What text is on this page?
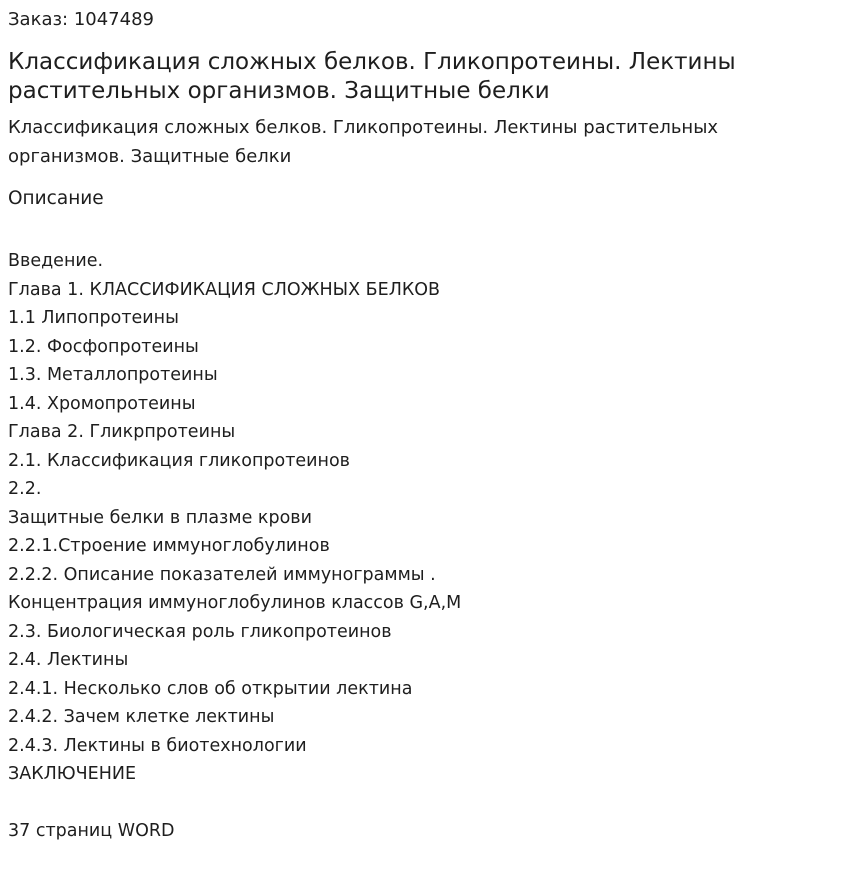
Заказ: 1047489
Классификация сложных белков. Гликопротеины. Лектины растительных организмов. Защитные белки

Классификация сложных белков. Гликопротеины. Лектины растительных организмов. Защитные белки

Описание
Введение.
Глава 1. КЛАССИФИКАЦИЯ СЛОЖНЫХ БЕЛКОВ
1.1 Липопротеины
1.2. Фосфопротеины
1.3. Металлопротеины
1.4. Хромопротеины
Глава 2. Гликрпротеины
2.1. Классификация гликопротеинов
2.2.
Защитные белки в плазме крови
2.2.1.Строение иммуноглобулинов
2.2.2. Описание показателей иммунограммы .
Концентрация иммуноглобулинов классов G,A,M
2.3. Биологическая роль гликопротеинов
2.4. Лектины
2.4.1. Несколько слов об открытии лектина
2.4.2. Зачем клетке лектины
2.4.3. Лектины в биотехнологии
ЗАКЛЮЧЕНИЕ
37 страниц WORD
